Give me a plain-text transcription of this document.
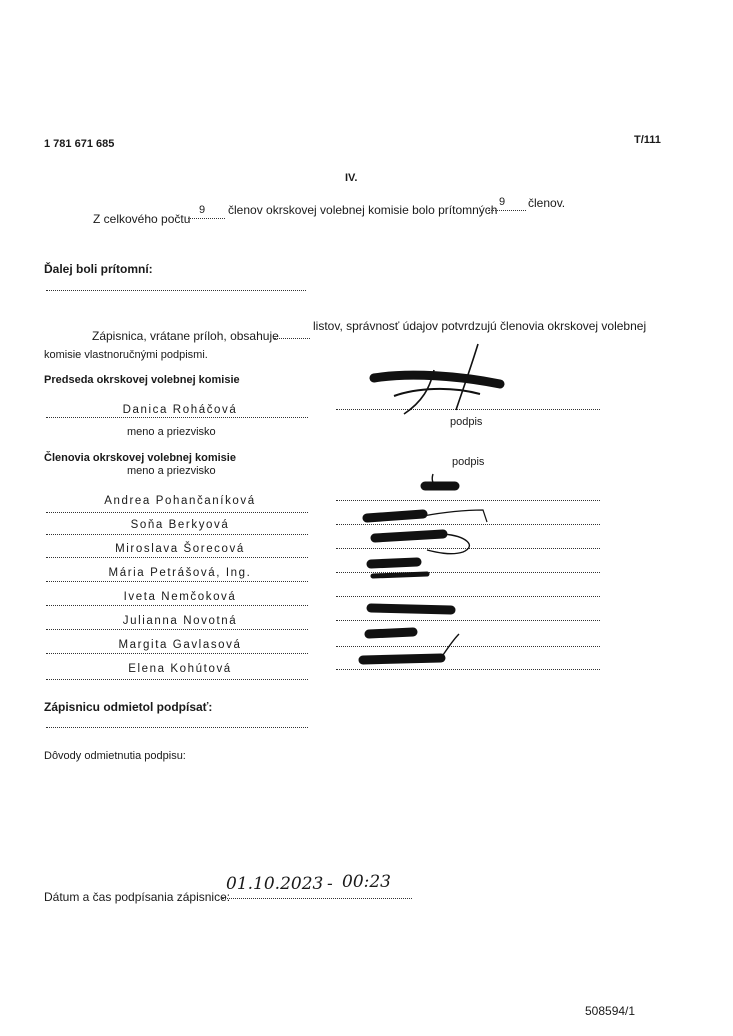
1 781 671 685	T/111
IV.
Z celkového počtu
9 členov okrskovej volebnej komisie bolo prítomných
9 členov.
Ďalej boli prítomní:
Zápisnica, vrátane príloh, obsahuje
listov, správnosť údajov potvrdzujú členovia okrskovej volebnej
komisie vlastnoručnými podpismi.
Predseda okrskovej volebnej komisie
Danica Roháčová
meno a priezvisko
podpis
Členovia okrskovej volebnej komisie
meno a priezvisko
podpis
Andrea Pohančaníková
Soňa Berkyová
Miroslava Šorecová
Mária Petrášová, Ing.
Iveta Nemčoková
Julianna Novotná
Margita Gavlasová
Elena Kohútová
Zápisnicu odmietol podpísať:
Dôvody odmietnutia podpisu:
Dátum a čas podpísania zápisnice:
01.10.2023 - 00:23
508594/1
